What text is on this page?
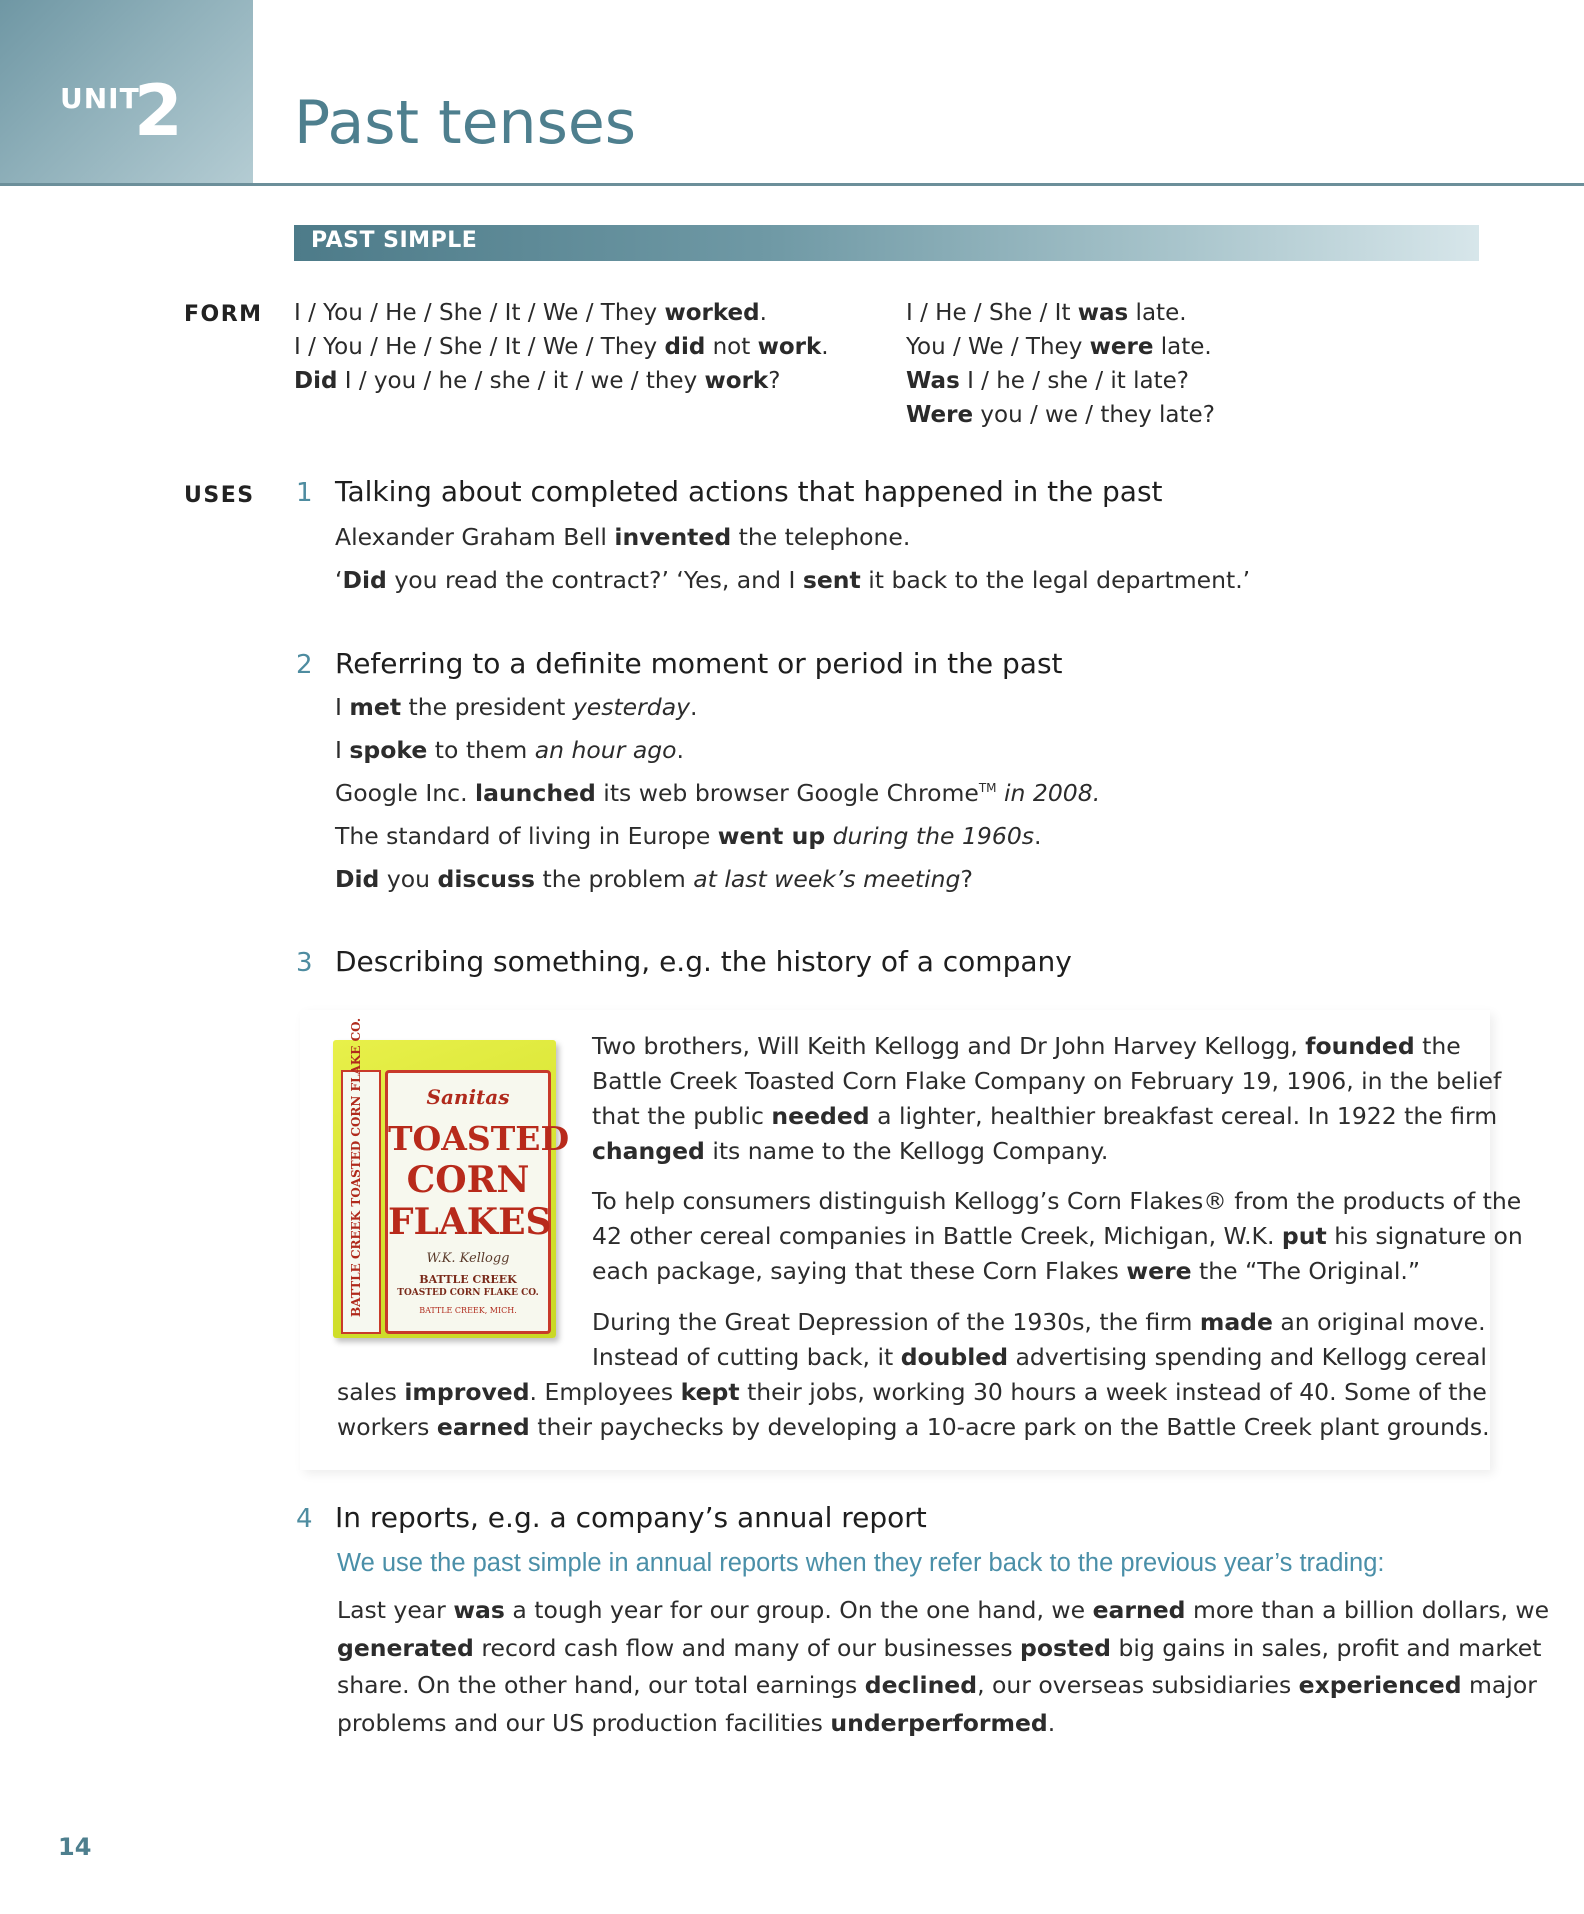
UNIT
2 Past tenses
PAST SIMPLE
FORM I / You / He / She / It / We / They worked.
I / You / He / She / It / We / They did not work.
Did I / you / he / she / it / we / they work?
I / He / She / It was late.
You / We / They were late.
Was I / he / she / it late?
Were you / we / they late?
USES 1 Talking about completed actions that happened in the past
Alexander Graham Bell invented the telephone.
‘Did you read the contract?’ ‘Yes, and I sent it back to the legal department.’
2 Referring to a definite moment or period in the past
I met the president yesterday.
I spoke to them an hour ago.
Google Inc. launched its web browser Google Chrome™ in 2008.
The standard of living in Europe went up during the 1960s.
Did you discuss the problem at last week’s meeting?
3 Describing something, e.g. the history of a company
BATTLE CREEK TOASTED CORN FLAKE CO.	Sanitas
TOASTED
CORN
FLAKES
W.K. Kellogg
BATTLE CREEK
TOASTED CORN FLAKE CO.
BATTLE CREEK, MICH.
Two brothers, Will Keith Kellogg and Dr John Harvey Kellogg, founded the
Battle Creek Toasted Corn Flake Company on February 19, 1906, in the belief
that the public needed a lighter, healthier breakfast cereal. In 1922 the firm
changed its name to the Kellogg Company.
To help consumers distinguish Kellogg’s Corn Flakes® from the products of the
42 other cereal companies in Battle Creek, Michigan, W.K. put his signature on
each package, saying that these Corn Flakes were the “The Original.”
During the Great Depression of the 1930s, the firm made an original move.
Instead of cutting back, it doubled advertising spending and Kellogg cereal
sales improved. Employees kept their jobs, working 30 hours a week instead of 40. Some of the
workers earned their paychecks by developing a 10-acre park on the Battle Creek plant grounds.
4 In reports, e.g. a company’s annual report
We use the past simple in annual reports when they refer back to the previous year’s trading:
Last year was a tough year for our group. On the one hand, we earned more than a billion dollars, we
generated record cash flow and many of our businesses posted big gains in sales, profit and market
share. On the other hand, our total earnings declined, our overseas subsidiaries experienced major
problems and our US production facilities underperformed.
14
